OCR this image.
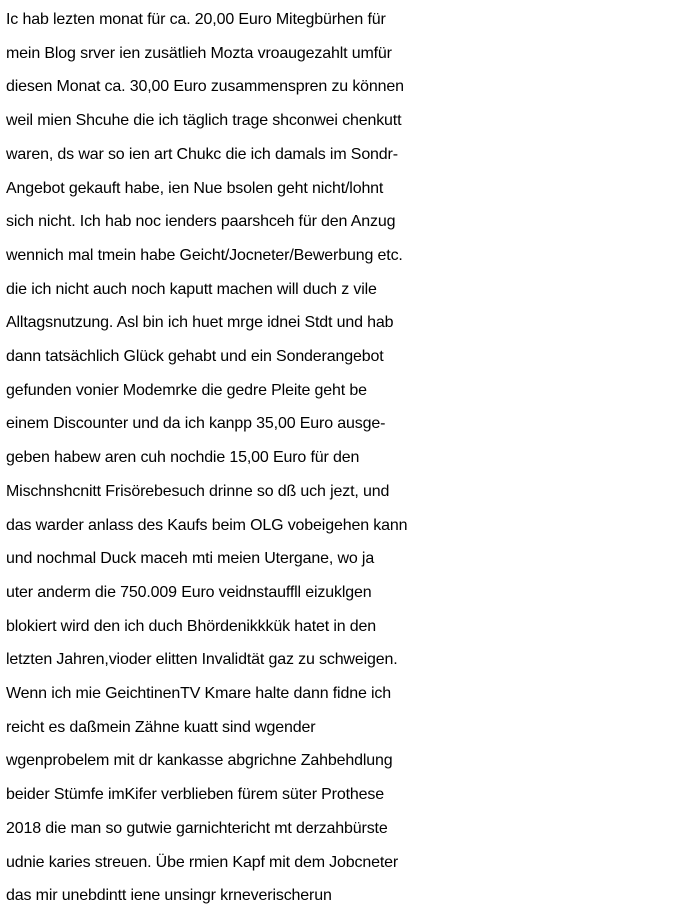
Ic hab lezten monat für ca. 20,00 Euro Mitegbürhen für
mein Blog srver ien zusätlieh Mozta vroaugezahlt umfür
diesen Monat ca. 30,00 Euro zusammenspren zu können
weil mien Shcuhe die ich täglich trage shconwei chenkutt
waren, ds war so ien art Chukc die ich damals im Sondr-
Angebot gekauft habe, ien Nue bsolen geht nicht/lohnt
sich nicht. Ich hab noc ienders paarshceh für den Anzug
wennich mal tmein habe Geicht/Jocneter/Bewerbung etc.
die ich nicht auch noch kaputt machen will duch z vile
Alltagsnutzung. Asl bin ich huet mrge idnei Stdt und hab
dann tatsächlich Glück gehabt und ein Sonderangebot
gefunden vonier Modemrke die gedre Pleite geht be
einem Discounter und da ich kanpp 35,00 Euro ausge-
geben habew aren cuh nochdie 15,00 Euro für den
Mischnshcnitt Frisörebesuch drinne so dß uch jezt, und
das warder anlass des Kaufs beim OLG vobeigehen kann
und nochmal Duck maceh mti meien Utergane, wo ja
uter anderm die 750.009 Euro veidnstauffll eizuklgen
blokiert wird den ich duch Bhördenikkkük hatet in den
letzten Jahren,vioder elitten Invalidtät gaz zu schweigen.
Wenn ich mie GeichtinenTV Kmare halte dann fidne ich
reicht es daßmein Zähne kuatt sind wgender
wgenprobelem mit dr kankasse abgrichne Zahbehdlung
beider Stümfe imKifer verblieben fürem süter Prothese
2018 die man so gutwie garnichtericht mt derzahbürste
udnie karies streuen. Übe rmien Kapf mit dem Jobcneter
das mir unebdintt iene unsingr krneverischerun
